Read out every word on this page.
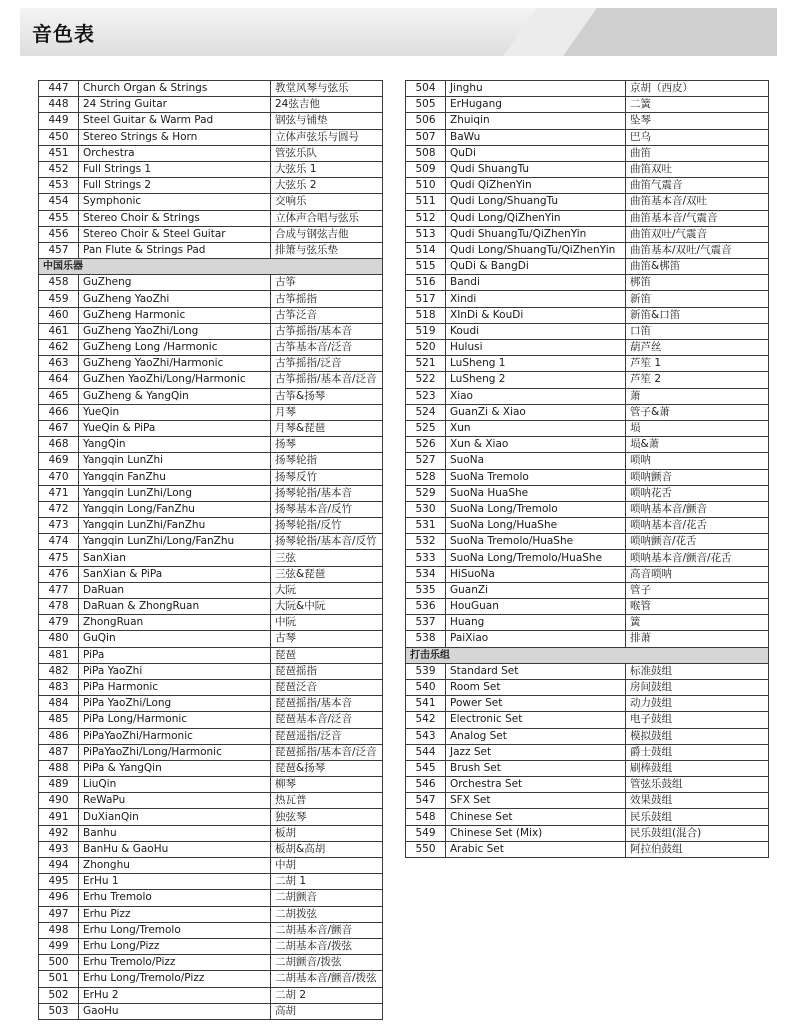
音色表
447	Church Organ & Strings	教堂风琴与弦乐
448	24 String Guitar	24弦吉他
449	Steel Guitar & Warm Pad	钢弦与铺垫
450	Stereo Strings & Horn	立体声弦乐与圆号
451	Orchestra	管弦乐队
452	Full Strings 1	大弦乐 1
453	Full Strings 2	大弦乐 2
454	Symphonic	交响乐
455	Stereo Choir & Strings	立体声合唱与弦乐
456	Stereo Choir & Steel Guitar	合成与钢弦吉他
457	Pan Flute & Strings Pad	排箫与弦乐垫
中国乐器		
458	GuZheng	古筝
459	GuZheng YaoZhi	古筝摇指
460	GuZheng Harmonic	古筝泛音
461	GuZheng YaoZhi/Long	古筝摇指/基本音
462	GuZheng Long /Harmonic	古筝基本音/泛音
463	GuZheng YaoZhi/Harmonic	古筝摇指/泛音
464	GuZhen YaoZhi/Long/Harmonic	古筝摇指/基本音/泛音
465	GuZheng & YangQin	古筝&扬琴
466	YueQin	月琴
467	YueQin & PiPa	月琴&琵琶
468	YangQin	扬琴
469	Yangqin LunZhi	扬琴轮指
470	Yangqin FanZhu	扬琴反竹
471	Yangqin LunZhi/Long	扬琴轮指/基本音
472	Yangqin Long/FanZhu	扬琴基本音/反竹
473	Yangqin LunZhi/FanZhu	扬琴轮指/反竹
474	Yangqin LunZhi/Long/FanZhu	扬琴轮指/基本音/反竹
475	SanXian	三弦
476	SanXian & PiPa	三弦&琵琶
477	DaRuan	大阮
478	DaRuan & ZhongRuan	大阮&中阮
479	ZhongRuan	中阮
480	GuQin	古琴
481	PiPa	琵琶
482	PiPa YaoZhi	琵琶摇指
483	PiPa Harmonic	琵琶泛音
484	PiPa YaoZhi/Long	琵琶摇指/基本音
485	PiPa Long/Harmonic	琵琶基本音/泛音
486	PiPaYaoZhi/Harmonic	琵琶遥指/泛音
487	PiPaYaoZhi/Long/Harmonic	琵琶摇指/基本音/泛音
488	PiPa & YangQin	琵琶&扬琴
489	LiuQin	柳琴
490	ReWaPu	热瓦普
491	DuXianQin	独弦琴
492	Banhu	板胡
493	BanHu & GaoHu	板胡&高胡
494	Zhonghu	中胡
495	ErHu 1	二胡 1
496	Erhu Tremolo	二胡颤音
497	Erhu Pizz	二胡拨弦
498	Erhu Long/Tremolo	二胡基本音/颤音
499	Erhu Long/Pizz	二胡基本音/拨弦
500	Erhu Tremolo/Pizz	二胡颤音/拨弦
501	Erhu Long/Tremolo/Pizz	二胡基本音/颤音/拨弦
502	ErHu 2	二胡 2
503	GaoHu	高胡
504	Jinghu	京胡（西皮）
505	ErHugang	二簧
506	Zhuiqin	坠琴
507	BaWu	巴乌
508	QuDi	曲笛
509	Qudi ShuangTu	曲笛双吐
510	Qudi QiZhenYin	曲笛气震音
511	Qudi Long/ShuangTu	曲笛基本音/双吐
512	Qudi Long/QiZhenYin	曲笛基本音/气震音
513	Qudi ShuangTu/QiZhenYin	曲笛双吐/气震音
514	Qudi Long/ShuangTu/QiZhenYin	曲笛基本/双吐/气震音
515	QuDi & BangDi	曲笛&梆笛
516	Bandi	梆笛
517	Xindi	新笛
518	XInDi & KouDi	新笛&口笛
519	Koudi	口笛
520	Hulusi	葫芦丝
521	LuSheng 1	芦笙 1
522	LuSheng 2	芦笙 2
523	Xiao	萧
524	GuanZi & Xiao	管子&萧
525	Xun	埙
526	Xun & Xiao	埙&萧
527	SuoNa	唢呐
528	SuoNa Tremolo	唢呐颤音
529	SuoNa HuaShe	唢呐花舌
530	SuoNa Long/Tremolo	唢呐基本音/颤音
531	SuoNa Long/HuaShe	唢呐基本音/花舌
532	SuoNa Tremolo/HuaShe	唢呐颤音/花舌
533	SuoNa Long/Tremolo/HuaShe	唢呐基本音/颤音/花舌
534	HiSuoNa	高音唢呐
535	GuanZi	管子
536	HouGuan	喉管
537	Huang	簧
538	PaiXiao	排萧
打击乐组		
539	Standard Set	标准鼓组
540	Room Set	房间鼓组
541	Power Set	动力鼓组
542	Electronic Set	电子鼓组
543	Analog Set	模拟鼓组
544	Jazz Set	爵士鼓组
545	Brush Set	刷棒鼓组
546	Orchestra Set	管弦乐鼓组
547	SFX Set	效果鼓组
548	Chinese Set	民乐鼓组
549	Chinese Set (Mix)	民乐鼓组(混合)
550	Arabic Set	阿拉伯鼓组
